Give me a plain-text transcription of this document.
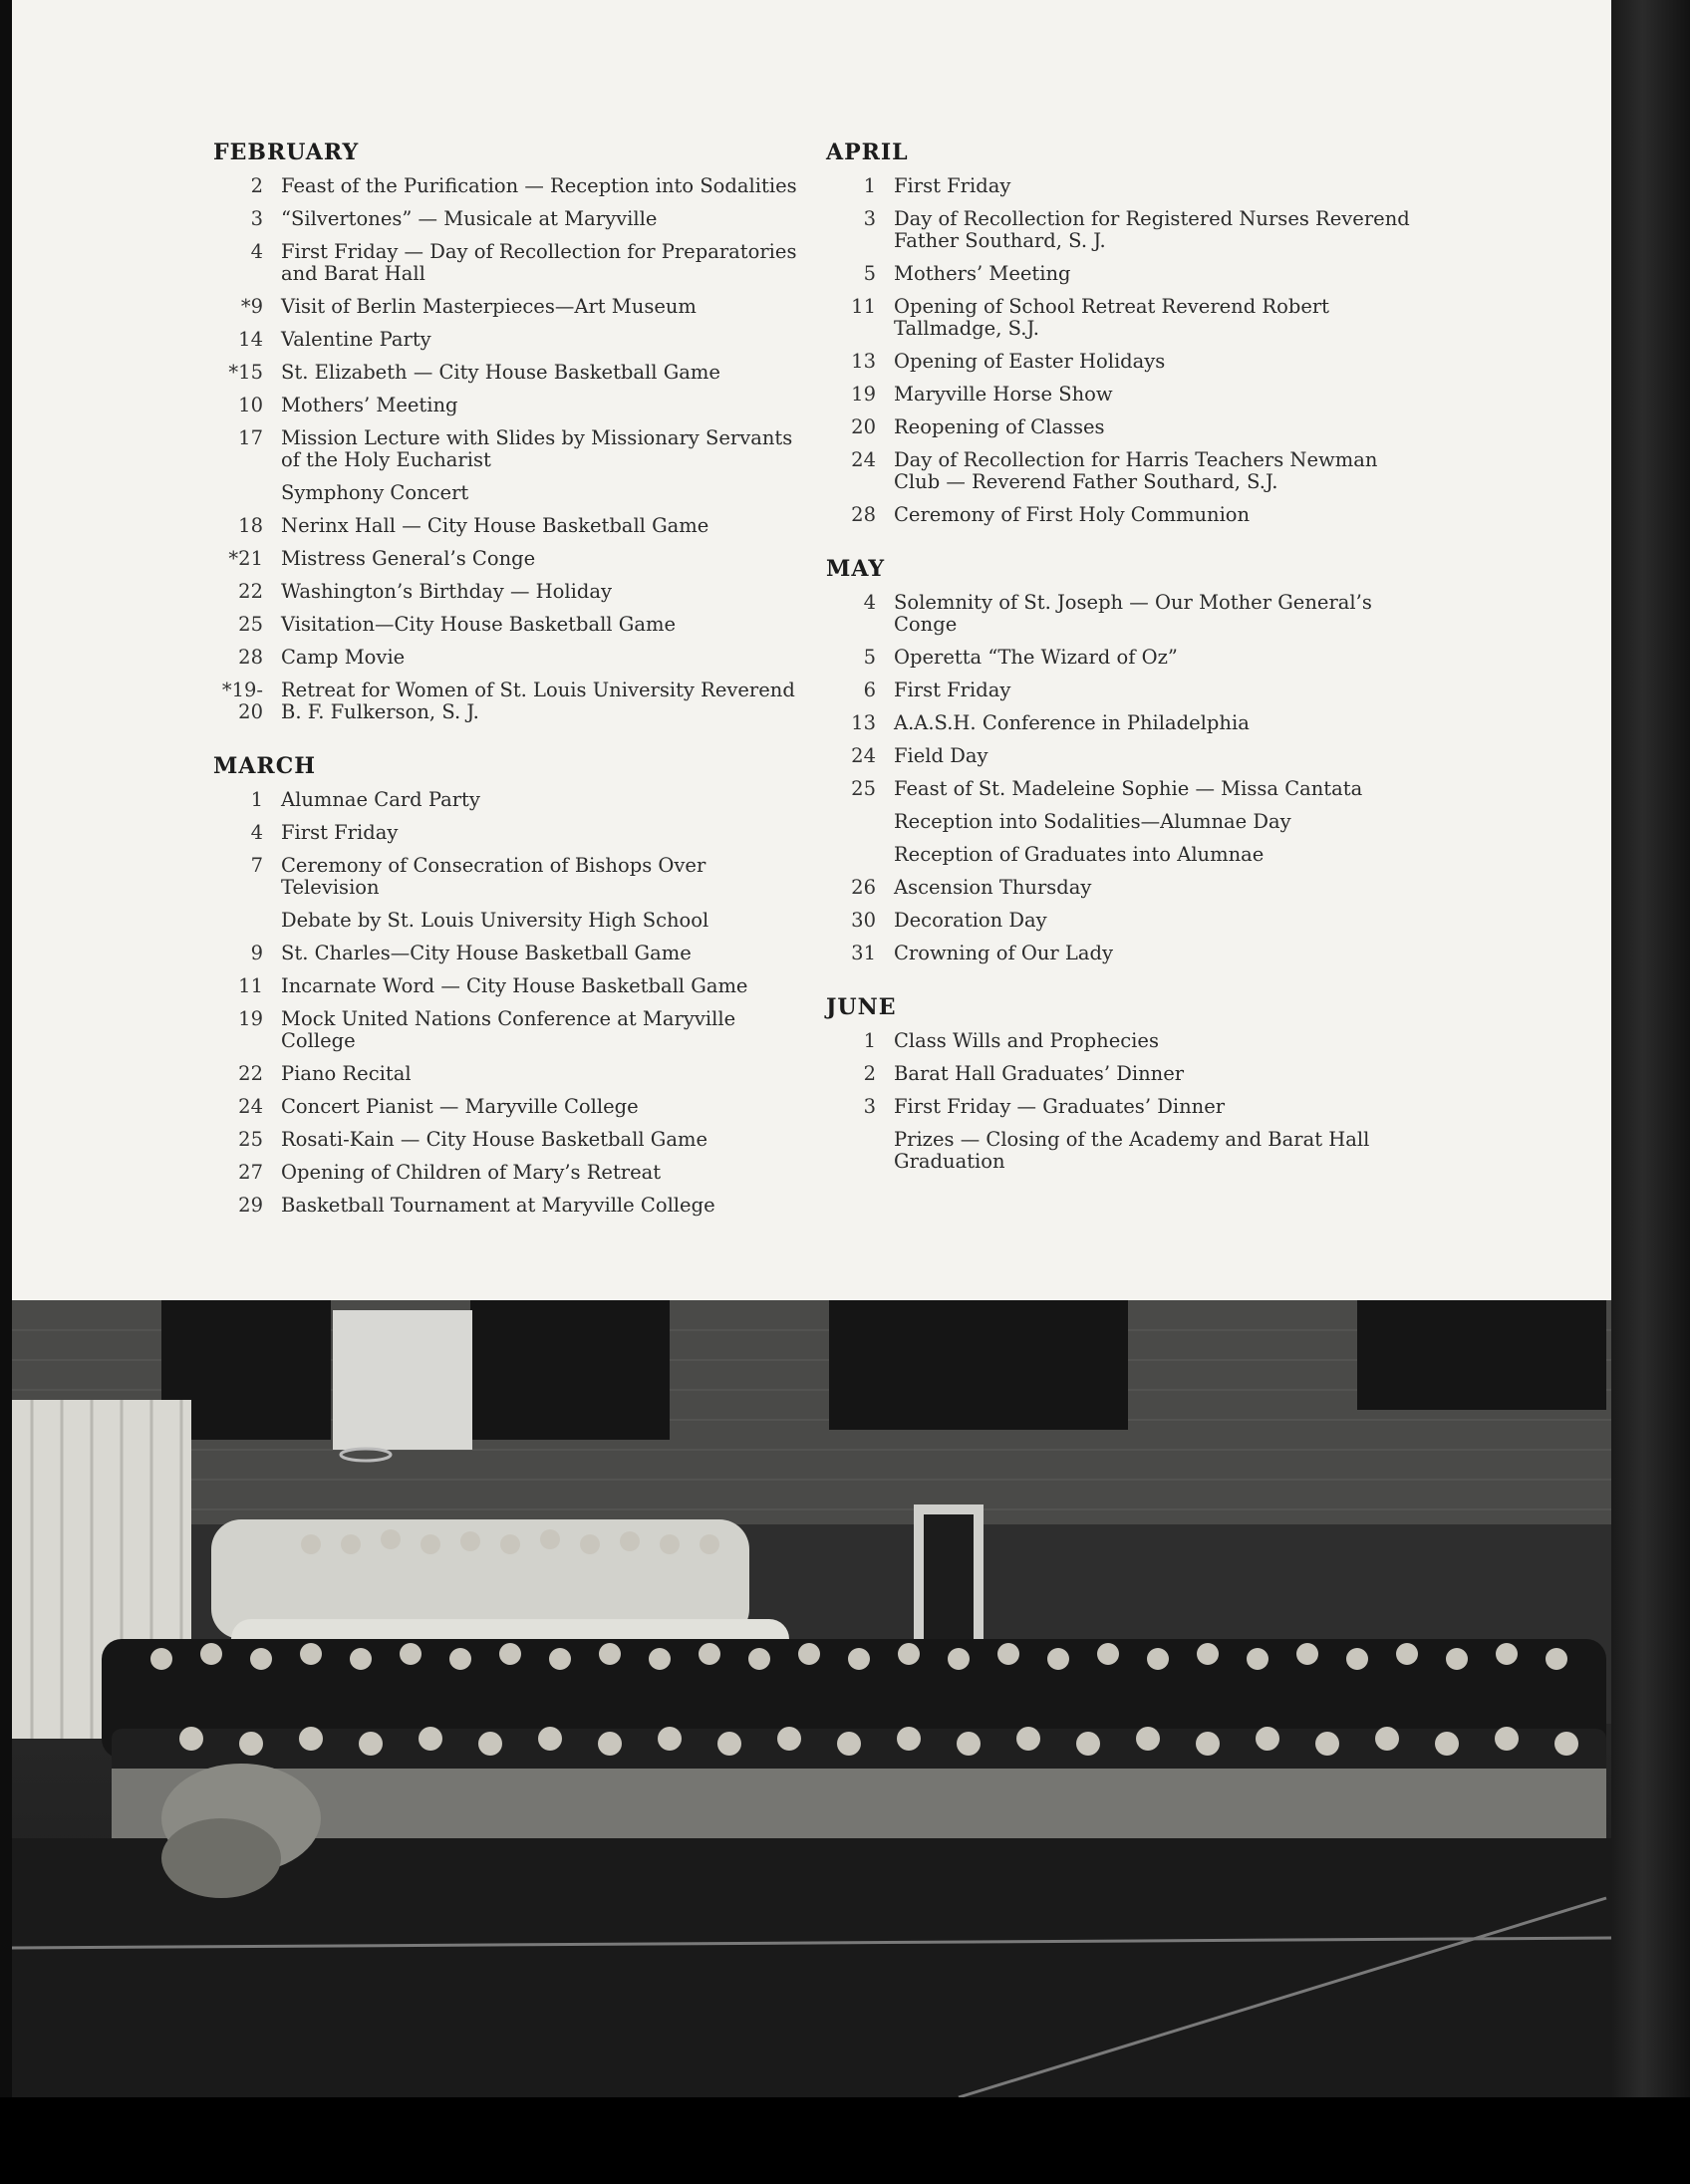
FEBRUARY
2 Feast of the Purification — Reception into Sodalities
3 “Silvertones” — Musicale at Maryville
4 First Friday — Day of Recollection for Preparatories and Barat Hall
*9 Visit of Berlin Masterpieces—Art Museum
14 Valentine Party
*15 St. Elizabeth — City House Basketball Game
10 Mothers’ Meeting
17 Mission Lecture with Slides by Missionary Servants of the Holy Eucharist
Symphony Concert
18 Nerinx Hall — City House Basketball Game
*21 Mistress General’s Conge
22 Washington’s Birthday — Holiday
25 Visitation—City House Basketball Game
28 Camp Movie
*19-20
Retreat for Women of St. Louis University Reverend B. F. Fulkerson, S. J.
MARCH
1 Alumnae Card Party
4 First Friday
7 Ceremony of Consecration of Bishops Over Television
Debate by St. Louis University High School
9 St. Charles—City House Basketball Game
11 Incarnate Word — City House Basketball Game
19 Mock United Nations Conference at Maryville College
22 Piano Recital
24 Concert Pianist — Maryville College
25 Rosati-Kain — City House Basketball Game
27 Opening of Children of Mary’s Retreat
29 Basketball Tournament at Maryville College
APRIL
1 First Friday
3 Day of Recollection for Registered Nurses Reverend Father Southard, S. J.
5 Mothers’ Meeting
11 Opening of School Retreat Reverend Robert Tallmadge, S.J.
13 Opening of Easter Holidays
19 Maryville Horse Show
20 Reopening of Classes
24 Day of Recollection for Harris Teachers Newman Club — Reverend Father Southard, S.J.
28 Ceremony of First Holy Communion
MAY
4 Solemnity of St. Joseph — Our Mother General’s Conge
5 Operetta “The Wizard of Oz”
6 First Friday
13 A.A.S.H. Conference in Philadelphia
24 Field Day
25 Feast of St. Madeleine Sophie — Missa Cantata
Reception into Sodalities—Alumnae Day
Reception of Graduates into Alumnae
26 Ascension Thursday
30 Decoration Day
31 Crowning of Our Lady
JUNE
1 Class Wills and Prophecies
2 Barat Hall Graduates’ Dinner
3 First Friday — Graduates’ Dinner
Prizes — Closing of the Academy and Barat Hall Graduation
